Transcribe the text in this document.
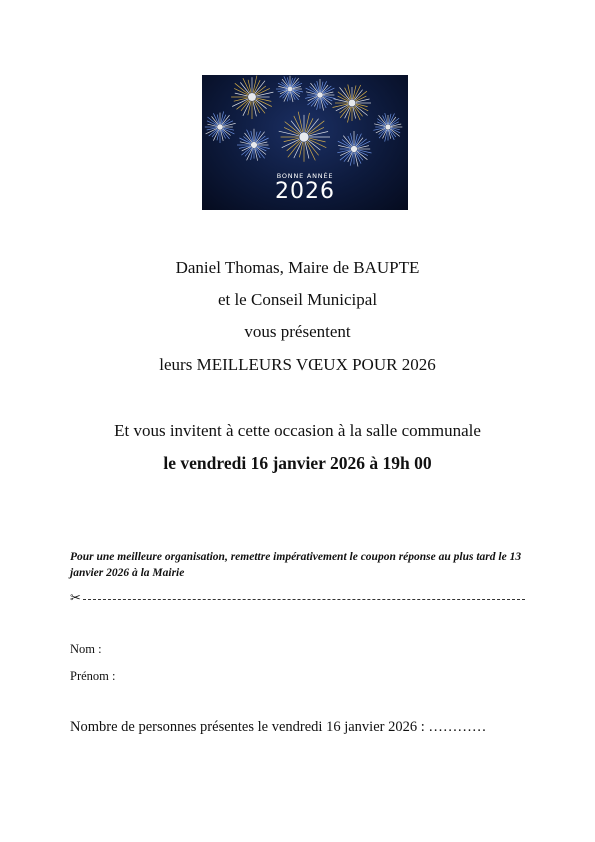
BONNE ANNÉE
2026
Daniel Thomas, Maire de BAUPTE
et le Conseil Municipal
vous présentent
leurs MEILLEURS VŒUX POUR 2026
Et vous invitent à cette occasion à la salle communale
le vendredi 16 janvier 2026 à 19h 00
Pour une meilleure organisation, remettre impérativement le coupon réponse au plus tard le 13 janvier 2026 à la Mairie
✂
Nom :
Prénom :
Nombre de personnes présentes le vendredi 16 janvier 2026 : …………
